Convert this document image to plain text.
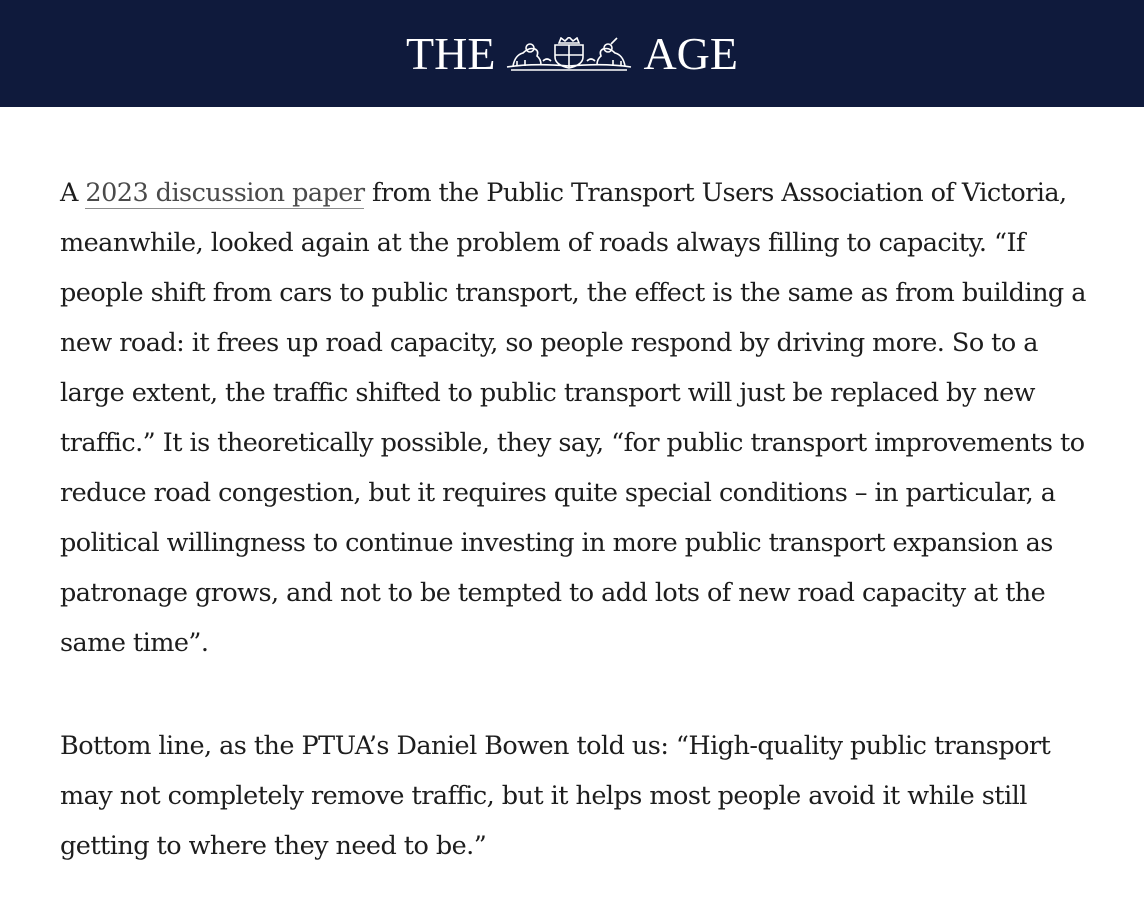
THE	AGE

A 2023 discussion paper from the Public Transport Users Association of Victoria, meanwhile, looked again at the problem of roads always filling to capacity. “If people shift from cars to public transport, the effect is the same as from building a new road: it frees up road capacity, so people respond by driving more. So to a large extent, the traffic shifted to public transport will just be replaced by new traffic.” It is theoretically possible, they say, “for public transport improvements to reduce road congestion, but it requires quite special conditions – in particular, a political willingness to continue investing in more public transport expansion as patronage grows, and not to be tempted to add lots of new road capacity at the same time”.

Bottom line, as the PTUA’s Daniel Bowen told us: “High-quality public transport may not completely remove traffic, but it helps most people avoid it while still getting to where they need to be.”
